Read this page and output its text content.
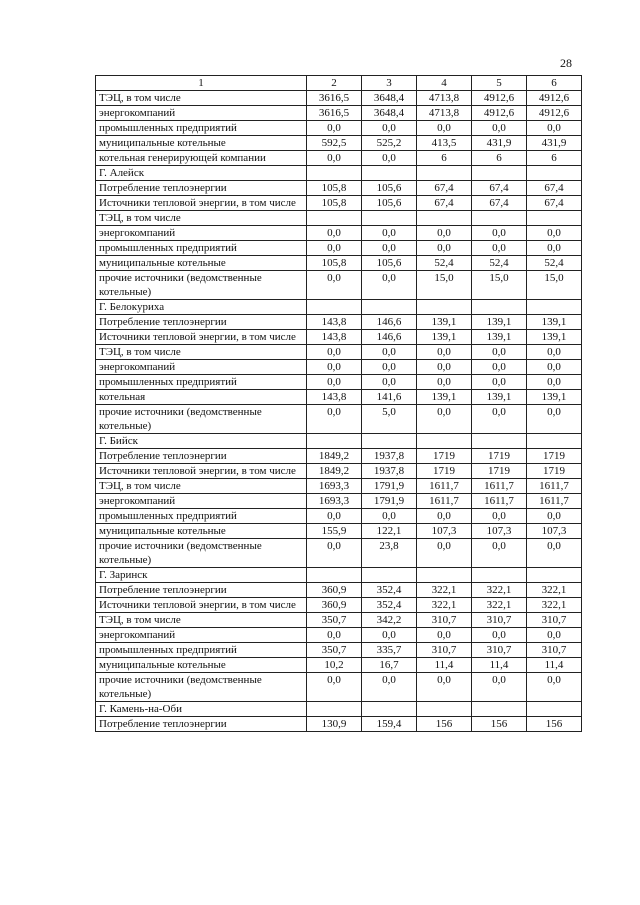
28
1	2	3	4	5	6
ТЭЦ, в том числе	3616,5	3648,4	4713,8	4912,6	4912,6
энергокомпаний	3616,5	3648,4	4713,8	4912,6	4912,6
промышленных предприятий	0,0	0,0	0,0	0,0	0,0
муниципальные котельные	592,5	525,2	413,5	431,9	431,9
котельная генерирующей компании	0,0	0,0	6	6	6
Г. Алейск					
Потребление теплоэнергии	105,8	105,6	67,4	67,4	67,4
Источники тепловой энергии, в том числе	105,8	105,6	67,4	67,4	67,4
ТЭЦ, в том числе					
энергокомпаний	0,0	0,0	0,0	0,0	0,0
промышленных предприятий	0,0	0,0	0,0	0,0	0,0
муниципальные котельные	105,8	105,6	52,4	52,4	52,4
прочие источники (ведомственные котельные)	0,0	0,0	15,0	15,0	15,0
Г. Белокуриха					
Потребление теплоэнергии	143,8	146,6	139,1	139,1	139,1
Источники тепловой энергии, в том числе	143,8	146,6	139,1	139,1	139,1
ТЭЦ, в том числе	0,0	0,0	0,0	0,0	0,0
энергокомпаний	0,0	0,0	0,0	0,0	0,0
промышленных предприятий	0,0	0,0	0,0	0,0	0,0
котельная	143,8	141,6	139,1	139,1	139,1
прочие источники (ведомственные котельные)	0,0	5,0	0,0	0,0	0,0
Г. Бийск					
Потребление теплоэнергии	1849,2	1937,8	1719	1719	1719
Источники тепловой энергии, в том числе	1849,2	1937,8	1719	1719	1719
ТЭЦ, в том числе	1693,3	1791,9	1611,7	1611,7	1611,7
энергокомпаний	1693,3	1791,9	1611,7	1611,7	1611,7
промышленных предприятий	0,0	0,0	0,0	0,0	0,0
муниципальные котельные	155,9	122,1	107,3	107,3	107,3
прочие источники (ведомственные котельные)	0,0	23,8	0,0	0,0	0,0
Г. Заринск					
Потребление теплоэнергии	360,9	352,4	322,1	322,1	322,1
Источники тепловой энергии, в том числе	360,9	352,4	322,1	322,1	322,1
ТЭЦ, в том числе	350,7	342,2	310,7	310,7	310,7
энергокомпаний	0,0	0,0	0,0	0,0	0,0
промышленных предприятий	350,7	335,7	310,7	310,7	310,7
муниципальные котельные	10,2	16,7	11,4	11,4	11,4
прочие источники (ведомственные котельные)	0,0	0,0	0,0	0,0	0,0
Г. Камень-на-Оби					
Потребление теплоэнергии	130,9	159,4	156	156	156
